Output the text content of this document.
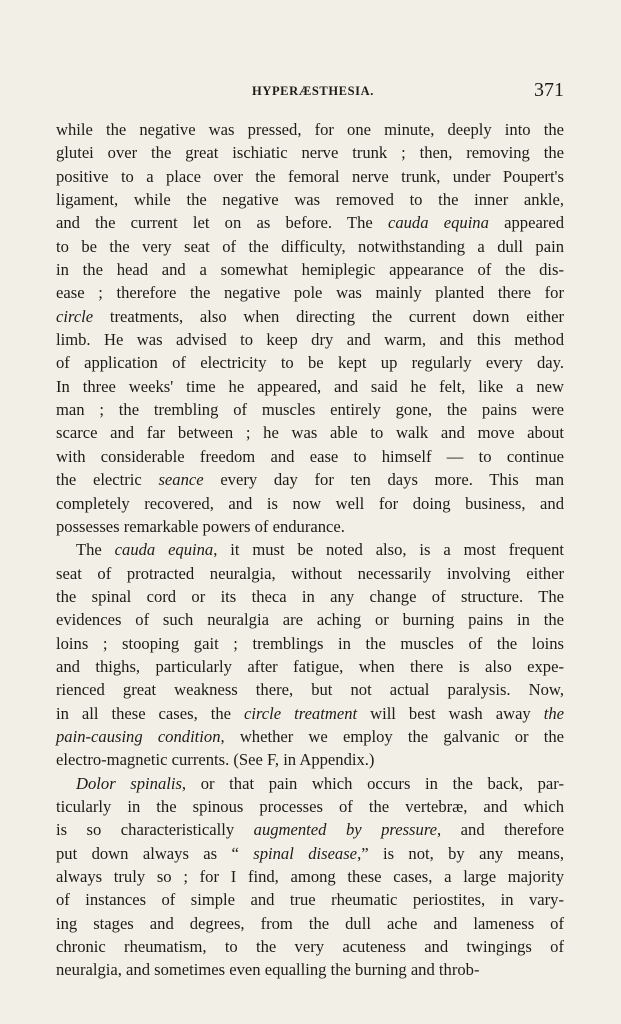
HYPERÆSTHESIA.	371
while the negative was pressed, for one minute, deeply into the
glutei over the great ischiatic nerve trunk ; then, removing the
positive to a place over the femoral nerve trunk, under Poupert's
ligament, while the negative was removed to the inner ankle,
and the current let on as before. The cauda equina appeared
to be the very seat of the difficulty, notwithstanding a dull pain
in the head and a somewhat hemiplegic appearance of the dis-
ease ; therefore the negative pole was mainly planted there for
circle treatments, also when directing the current down either
limb. He was advised to keep dry and warm, and this method
of application of electricity to be kept up regularly every day.
In three weeks' time he appeared, and said he felt, like a new
man ; the trembling of muscles entirely gone, the pains were
scarce and far between ; he was able to walk and move about
with considerable freedom and ease to himself — to continue
the electric seance every day for ten days more. This man
completely recovered, and is now well for doing business, and
possesses remarkable powers of endurance.
The cauda equina, it must be noted also, is a most frequent
seat of protracted neuralgia, without necessarily involving either
the spinal cord or its theca in any change of structure. The
evidences of such neuralgia are aching or burning pains in the
loins ; stooping gait ; tremblings in the muscles of the loins
and thighs, particularly after fatigue, when there is also expe-
rienced great weakness there, but not actual paralysis. Now,
in all these cases, the circle treatment will best wash away the
pain-causing condition, whether we employ the galvanic or the
electro-magnetic currents. (See F, in Appendix.)
Dolor spinalis, or that pain which occurs in the back, par-
ticularly in the spinous processes of the vertebræ, and which
is so characteristically augmented by pressure, and therefore
put down always as “ spinal disease,” is not, by any means,
always truly so ; for I find, among these cases, a large majority
of instances of simple and true rheumatic periostites, in vary-
ing stages and degrees, from the dull ache and lameness of
chronic rheumatism, to the very acuteness and twingings of
neuralgia, and sometimes even equalling the burning and throb-
